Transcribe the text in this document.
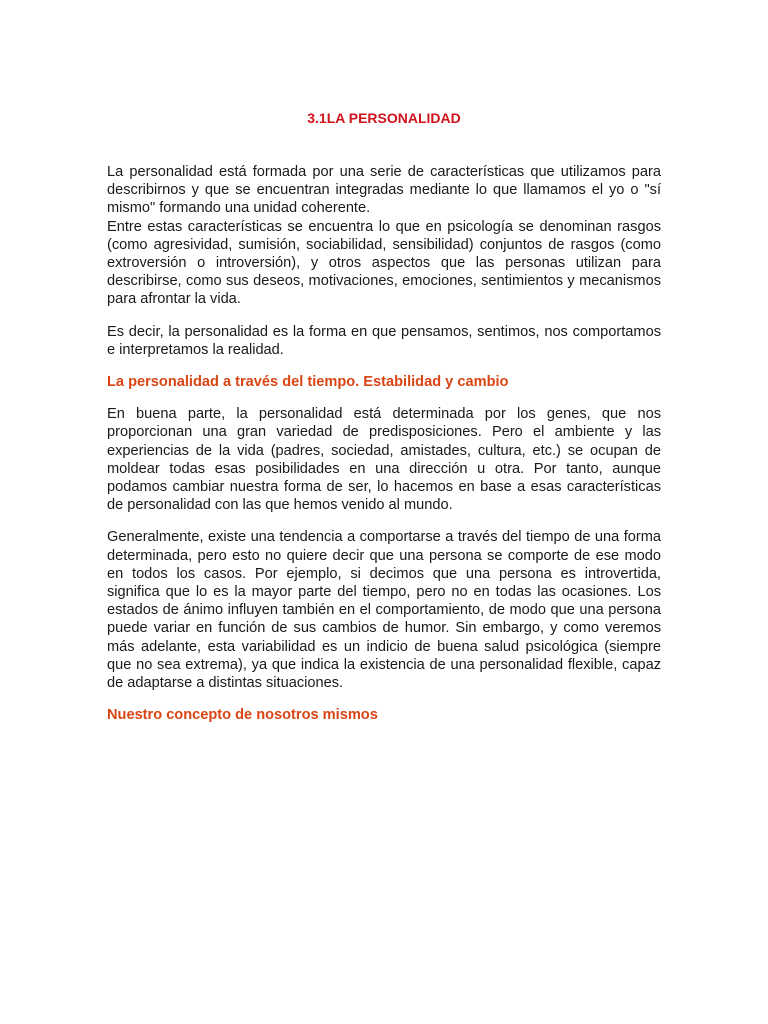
3.1LA PERSONALIDAD

La personalidad está formada por una serie de características que utilizamos para describirnos y que se encuentran integradas mediante lo que llamamos el yo o "sí mismo" formando una unidad coherente.

Entre estas características se encuentra lo que en psicología se denominan rasgos (como agresividad, sumisión, sociabilidad, sensibilidad) conjuntos de rasgos (como extroversión o introversión), y otros aspectos que las personas utilizan para describirse, como sus deseos, motivaciones, emociones, sentimientos y mecanismos para afrontar la vida.

Es decir, la personalidad es la forma en que pensamos, sentimos, nos comportamos e interpretamos la realidad.

La personalidad a través del tiempo. Estabilidad y cambio

En buena parte, la personalidad está determinada por los genes, que nos proporcionan una gran variedad de predisposiciones. Pero el ambiente y las experiencias de la vida (padres, sociedad, amistades, cultura, etc.) se ocupan de moldear todas esas posibilidades en una dirección u otra. Por tanto, aunque podamos cambiar nuestra forma de ser, lo hacemos en base a esas características de personalidad con las que hemos venido al mundo.

Generalmente, existe una tendencia a comportarse a través del tiempo de una forma determinada, pero esto no quiere decir que una persona se comporte de ese modo en todos los casos. Por ejemplo, si decimos que una persona es introvertida, significa que lo es la mayor parte del tiempo, pero no en todas las ocasiones. Los estados de ánimo influyen también en el comportamiento, de modo que una persona puede variar en función de sus cambios de humor. Sin embargo, y como veremos más adelante, esta variabilidad es un indicio de buena salud psicológica (siempre que no sea extrema), ya que indica la existencia de una personalidad flexible, capaz de adaptarse a distintas situaciones.

Nuestro concepto de nosotros mismos
